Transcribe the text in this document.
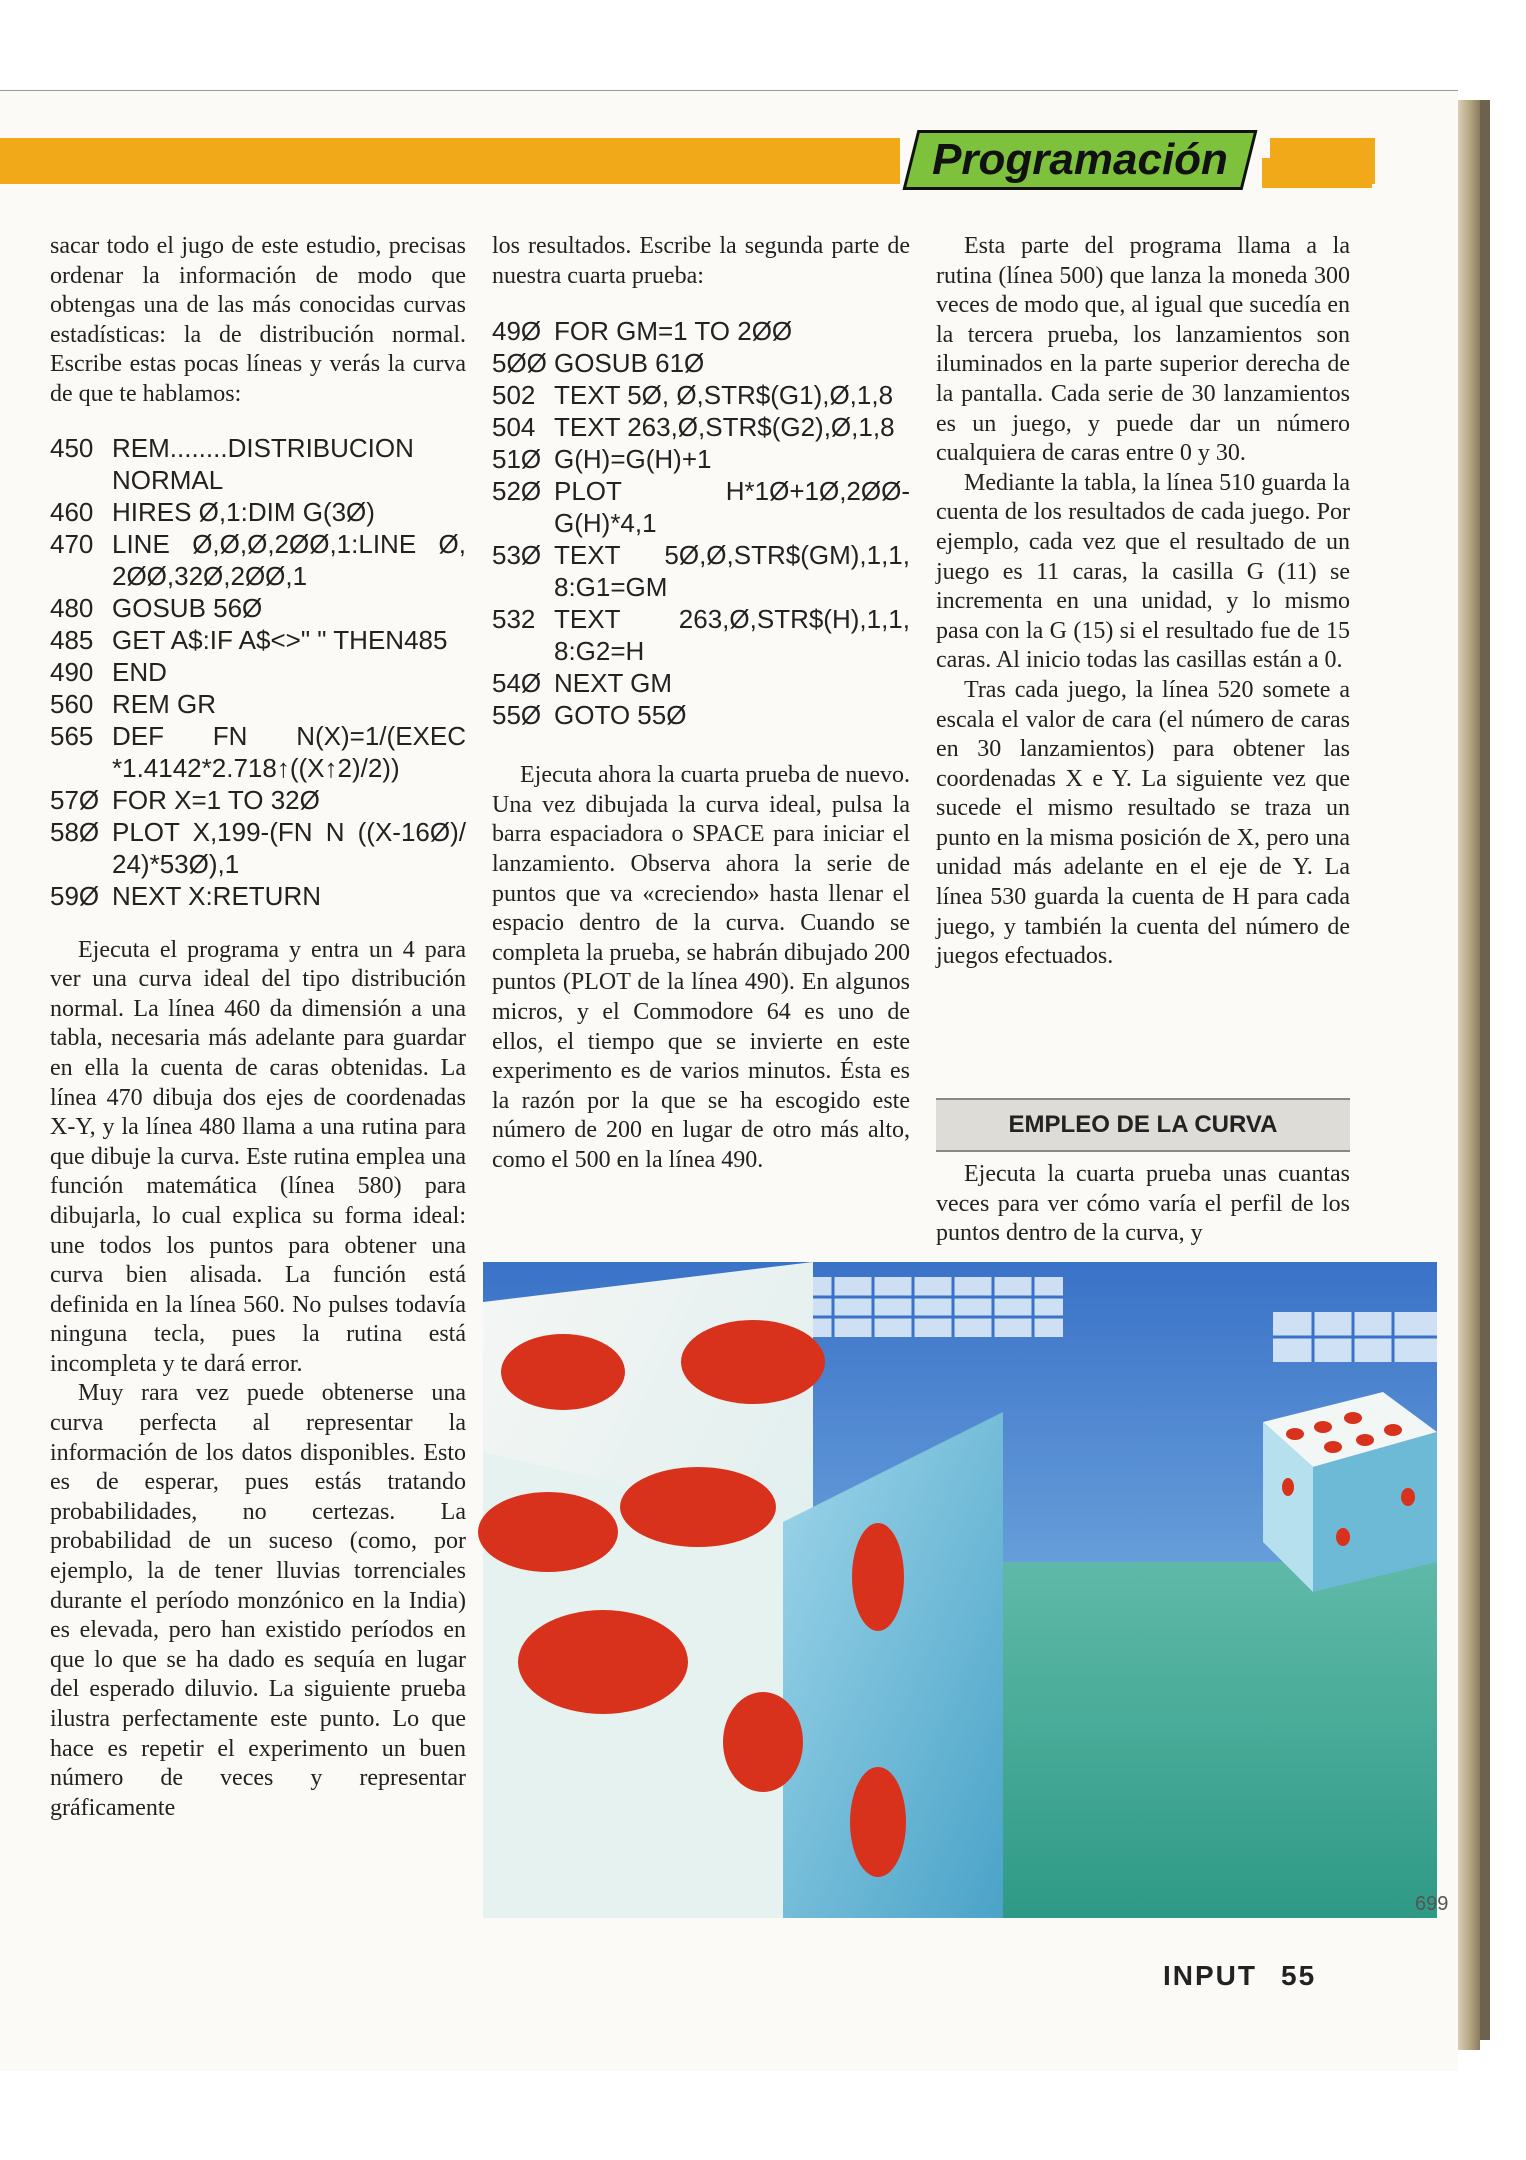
Programación

sacar todo el jugo de este estudio, precisas ordenar la información de modo que obtengas una de las más conocidas curvas estadísticas: la de distribución normal. Escribe estas pocas líneas y verás la curva de que te hablamos:

450 REM........DISTRIBUCION NORMAL
460 HIRES Ø,1:DIM G(3Ø)
470 LINE Ø,Ø,Ø,2ØØ,1:LINE Ø, 2ØØ,32Ø,2ØØ,1
480 GOSUB 56Ø
485 GET A$:IF A$<>" " THEN485
490 END
560 REM GR
565 DEF FN N(X)=1/(EXEC *1.4142*2.718↑((X↑2)/2))
57Ø FOR X=1 TO 32Ø
58Ø PLOT X,199-(FN N ((X-16Ø)/ 24)*53Ø),1
59Ø NEXT X:RETURN

Ejecuta el programa y entra un 4 para ver una curva ideal del tipo distribución normal. La línea 460 da dimensión a una tabla, necesaria más adelante para guardar en ella la cuenta de caras obtenidas. La línea 470 dibuja dos ejes de coordenadas X-Y, y la línea 480 llama a una rutina para que dibuje la curva. Este rutina emplea una función matemática (línea 580) para dibujarla, lo cual explica su forma ideal: une todos los puntos para obtener una curva bien alisada. La función está definida en la línea 560. No pulses todavía ninguna tecla, pues la rutina está incompleta y te dará error.

Muy rara vez puede obtenerse una curva perfecta al representar la información de los datos disponibles. Esto es de esperar, pues estás tratando probabilidades, no certezas. La probabilidad de un suceso (como, por ejemplo, la de tener lluvias torrenciales durante el período monzónico en la India) es elevada, pero han existido períodos en que lo que se ha dado es sequía en lugar del esperado diluvio. La siguiente prueba ilustra perfectamente este punto. Lo que hace es repetir el experimento un buen número de veces y representar gráficamente

los resultados. Escribe la segunda parte de nuestra cuarta prueba:

49Ø FOR GM=1 TO 2ØØ
5ØØ GOSUB 61Ø
502 TEXT 5Ø, Ø,STR$(G1),Ø,1,8
504 TEXT 263,Ø,STR$(G2),Ø,1,8
51Ø G(H)=G(H)+1
52Ø PLOT H*1Ø+1Ø,2ØØ- G(H)*4,1
53Ø TEXT 5Ø,Ø,STR$(GM),1,1, 8:G1=GM
532 TEXT 263,Ø,STR$(H),1,1, 8:G2=H
54Ø NEXT GM
55Ø GOTO 55Ø

Ejecuta ahora la cuarta prueba de nuevo. Una vez dibujada la curva ideal, pulsa la barra espaciadora o SPACE para iniciar el lanzamiento. Observa ahora la serie de puntos que va «creciendo» hasta llenar el espacio dentro de la curva. Cuando se completa la prueba, se habrán dibujado 200 puntos (PLOT de la línea 490). En algunos micros, y el Commodore 64 es uno de ellos, el tiempo que se invierte en este experimento es de varios minutos. Ésta es la razón por la que se ha escogido este número de 200 en lugar de otro más alto, como el 500 en la línea 490.

Esta parte del programa llama a la rutina (línea 500) que lanza la moneda 300 veces de modo que, al igual que sucedía en la tercera prueba, los lanzamientos son iluminados en la parte superior derecha de la pantalla. Cada serie de 30 lanzamientos es un juego, y puede dar un número cualquiera de caras entre 0 y 30.

Mediante la tabla, la línea 510 guarda la cuenta de los resultados de cada juego. Por ejemplo, cada vez que el resultado de un juego es 11 caras, la casilla G (11) se incrementa en una unidad, y lo mismo pasa con la G (15) si el resultado fue de 15 caras. Al inicio todas las casillas están a 0.

Tras cada juego, la línea 520 somete a escala el valor de cara (el número de caras en 30 lanzamientos) para obtener las coordenadas X e Y. La siguiente vez que sucede el mismo resultado se traza un punto en la misma posición de X, pero una unidad más adelante en el eje de Y. La línea 530 guarda la cuenta de H para cada juego, y también la cuenta del número de juegos efectuados.

EMPLEO DE LA CURVA

Ejecuta la cuarta prueba unas cuantas veces para ver cómo varía el perfil de los puntos dentro de la curva, y

699
INPUT 55
